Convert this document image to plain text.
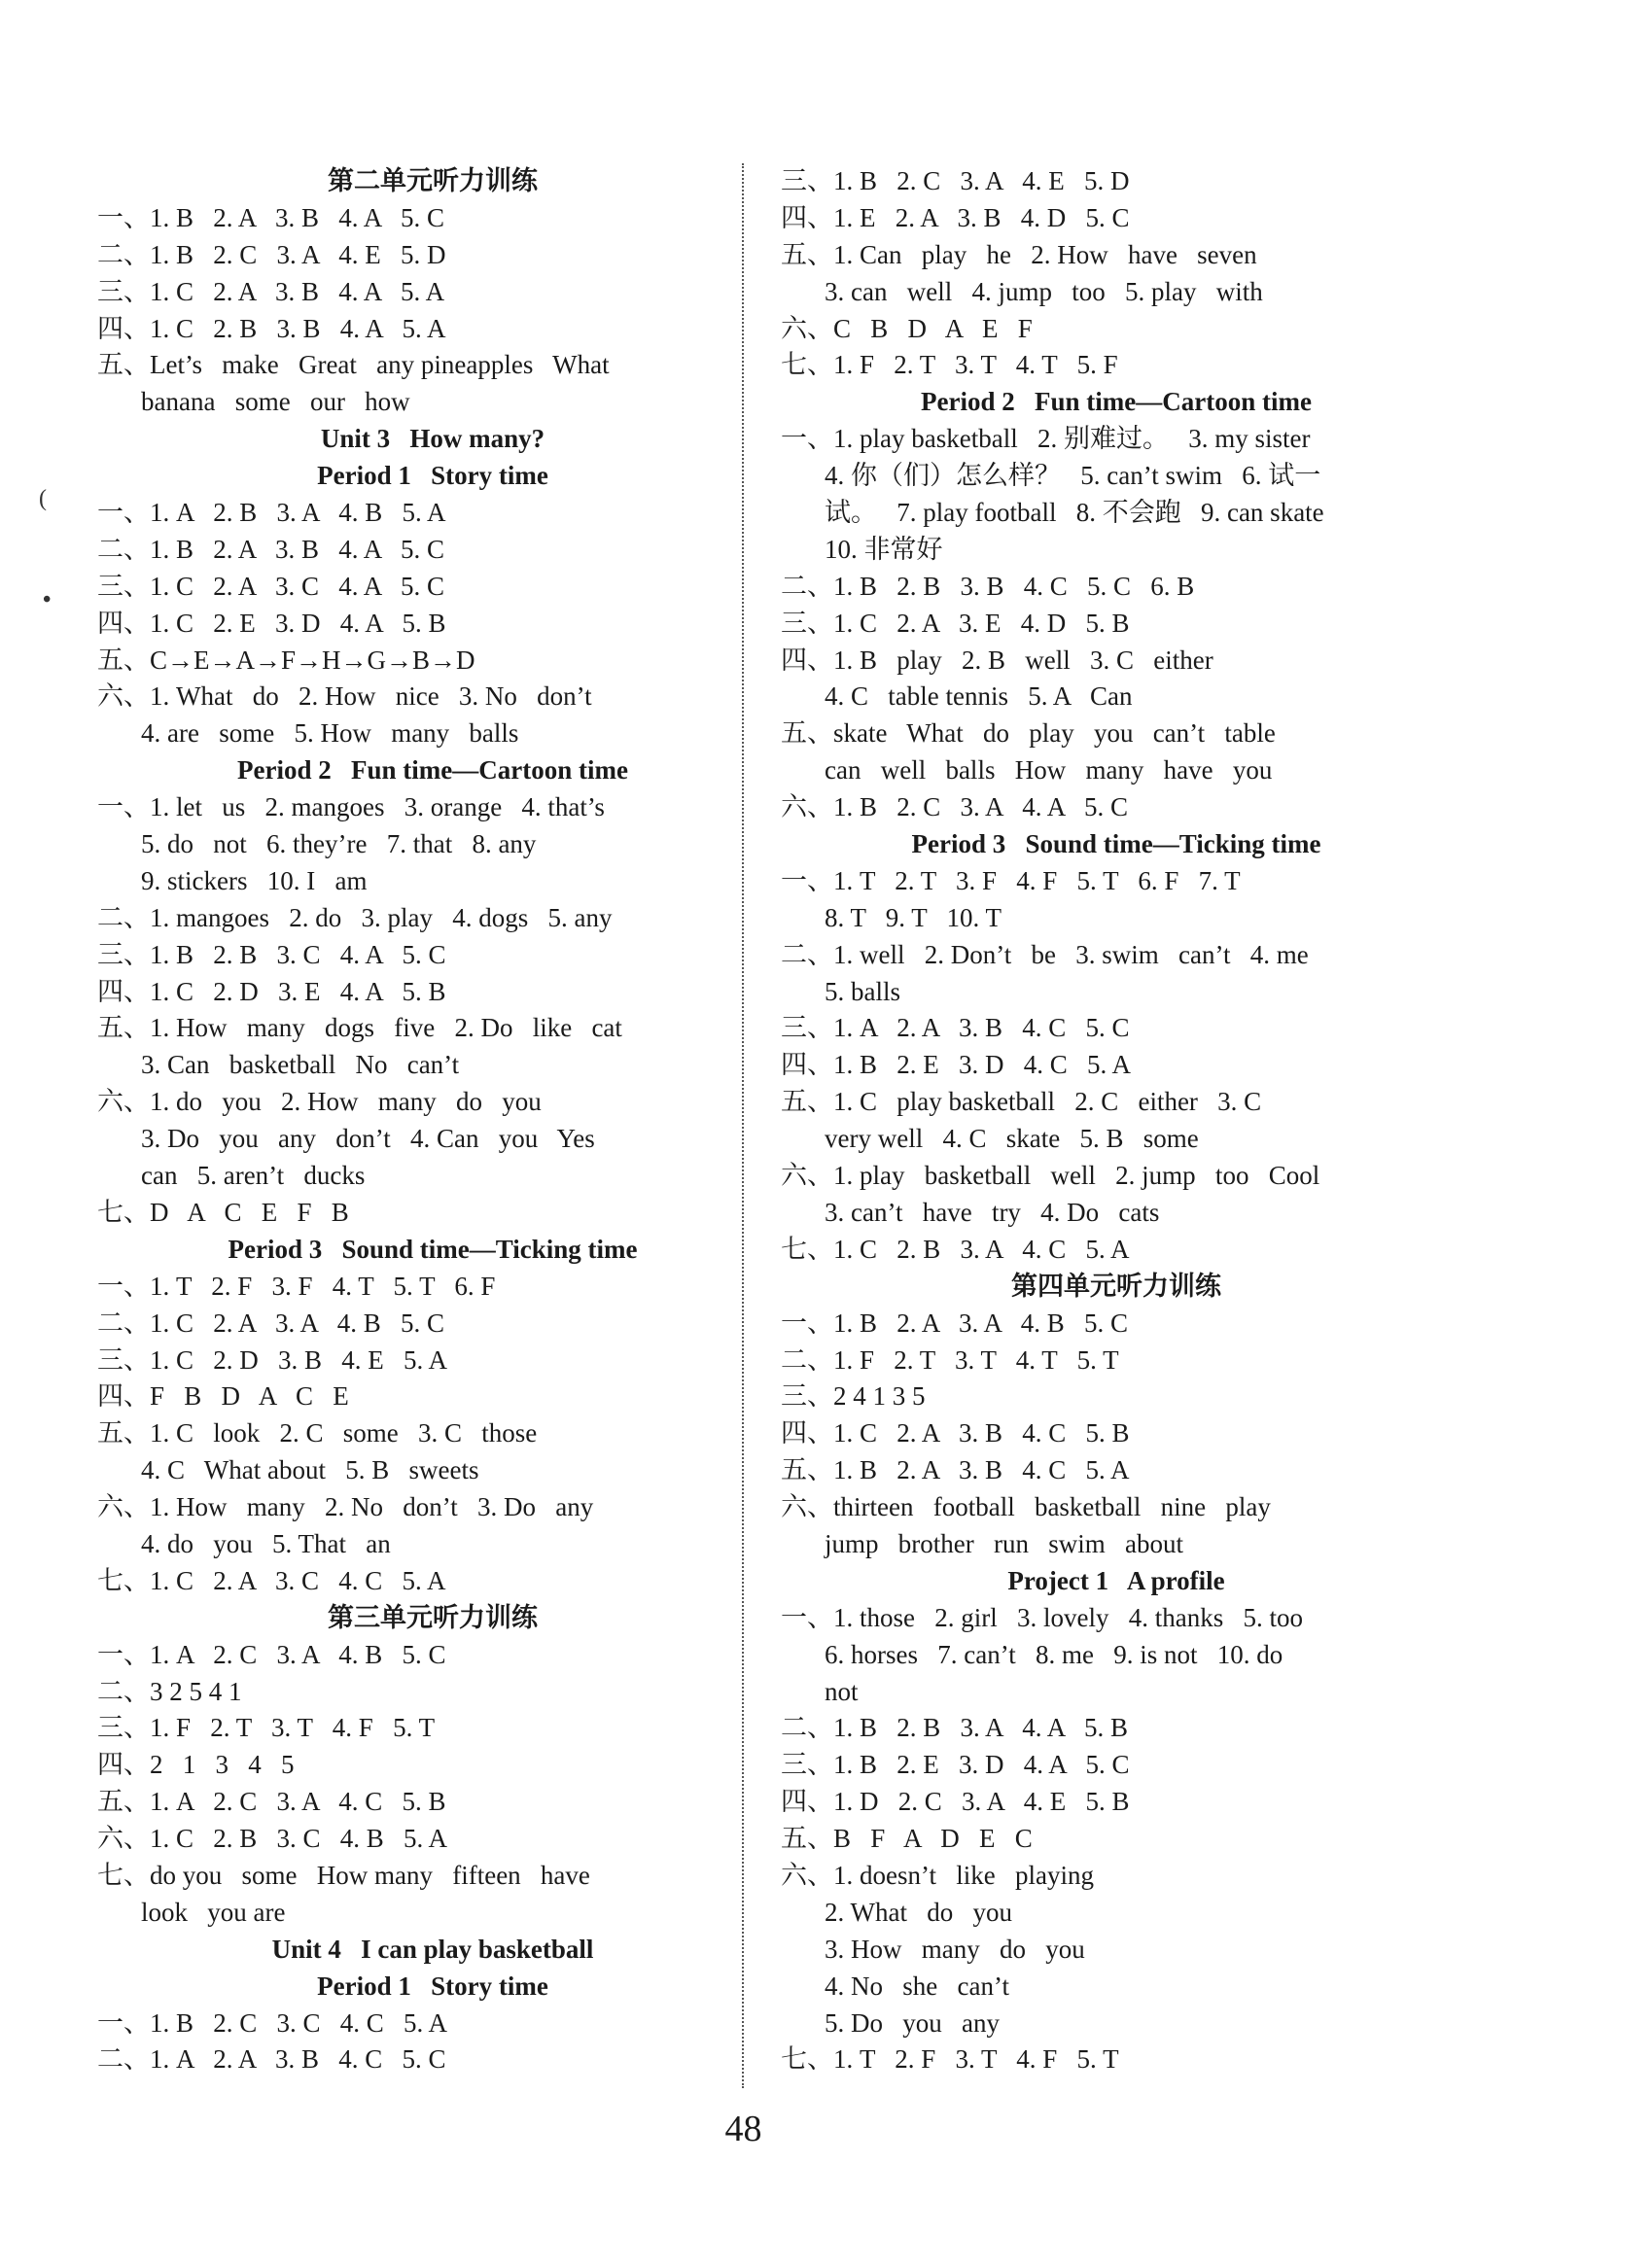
(
•
第二单元听力训练
一、1. B   2. A   3. B   4. A   5. C
二、1. B   2. C   3. A   4. E   5. D
三、1. C   2. A   3. B   4. A   5. A
四、1. C   2. B   3. B   4. A   5. A
五、Let’s   make   Great   any pineapples   What
banana   some   our   how
Unit 3   How many?
Period 1   Story time
一、1. A   2. B   3. A   4. B   5. A
二、1. B   2. A   3. B   4. A   5. C
三、1. C   2. A   3. C   4. A   5. C
四、1. C   2. E   3. D   4. A   5. B
五、C→E→A→F→H→G→B→D
六、1. What   do   2. How   nice   3. No   don’t
4. are   some   5. How   many   balls
Period 2   Fun time—Cartoon time
一、1. let   us   2. mangoes   3. orange   4. that’s
5. do   not   6. they’re   7. that   8. any
9. stickers   10. I   am
二、1. mangoes   2. do   3. play   4. dogs   5. any
三、1. B   2. B   3. C   4. A   5. C
四、1. C   2. D   3. E   4. A   5. B
五、1. How   many   dogs   five   2. Do   like   cat
3. Can   basketball   No   can’t
六、1. do   you   2. How   many   do   you
3. Do   you   any   don’t   4. Can   you   Yes
can   5. aren’t   ducks
七、D   A   C   E   F   B
Period 3   Sound time—Ticking time
一、1. T   2. F   3. F   4. T   5. T   6. F
二、1. C   2. A   3. A   4. B   5. C
三、1. C   2. D   3. B   4. E   5. A
四、F   B   D   A   C   E
五、1. C   look   2. C   some   3. C   those
4. C   What about   5. B   sweets
六、1. How   many   2. No   don’t   3. Do   any
4. do   you   5. That   an
七、1. C   2. A   3. C   4. C   5. A
第三单元听力训练
一、1. A   2. C   3. A   4. B   5. C
二、3 2 5 4 1
三、1. F   2. T   3. T   4. F   5. T
四、2   1   3   4   5
五、1. A   2. C   3. A   4. C   5. B
六、1. C   2. B   3. C   4. B   5. A
七、do you   some   How many   fifteen   have
look   you are
Unit 4   I can play basketball
Period 1   Story time
一、1. B   2. C   3. C   4. C   5. A
二、1. A   2. A   3. B   4. C   5. C
三、1. B   2. C   3. A   4. E   5. D
四、1. E   2. A   3. B   4. D   5. C
五、1. Can   play   he   2. How   have   seven
3. can   well   4. jump   too   5. play   with
六、C   B   D   A   E   F
七、1. F   2. T   3. T   4. T   5. F
Period 2   Fun time—Cartoon time
一、1. play basketball   2. 别难过。   3. my sister
4. 你（们）怎么样？   5. can’t swim   6. 试一
试。   7. play football   8. 不会跑   9. can skate
10. 非常好
二、1. B   2. B   3. B   4. C   5. C   6. B
三、1. C   2. A   3. E   4. D   5. B
四、1. B   play   2. B   well   3. C   either
4. C   table tennis   5. A   Can
五、skate   What   do   play   you   can’t   table
can   well   balls   How   many   have   you
六、1. B   2. C   3. A   4. A   5. C
Period 3   Sound time—Ticking time
一、1. T   2. T   3. F   4. F   5. T   6. F   7. T
8. T   9. T   10. T
二、1. well   2. Don’t   be   3. swim   can’t   4. me
5. balls
三、1. A   2. A   3. B   4. C   5. C
四、1. B   2. E   3. D   4. C   5. A
五、1. C   play basketball   2. C   either   3. C
very well   4. C   skate   5. B   some
六、1. play   basketball   well   2. jump   too   Cool
3. can’t   have   try   4. Do   cats
七、1. C   2. B   3. A   4. C   5. A
第四单元听力训练
一、1. B   2. A   3. A   4. B   5. C
二、1. F   2. T   3. T   4. T   5. T
三、2 4 1 3 5
四、1. C   2. A   3. B   4. C   5. B
五、1. B   2. A   3. B   4. C   5. A
六、thirteen   football   basketball   nine   play
jump   brother   run   swim   about
Project 1   A profile
一、1. those   2. girl   3. lovely   4. thanks   5. too
6. horses   7. can’t   8. me   9. is not   10. do
not
二、1. B   2. B   3. A   4. A   5. B
三、1. B   2. E   3. D   4. A   5. C
四、1. D   2. C   3. A   4. E   5. B
五、B   F   A   D   E   C
六、1. doesn’t   like   playing
2. What   do   you
3. How   many   do   you
4. No   she   can’t
5. Do   you   any
七、1. T   2. F   3. T   4. F   5. T
48
